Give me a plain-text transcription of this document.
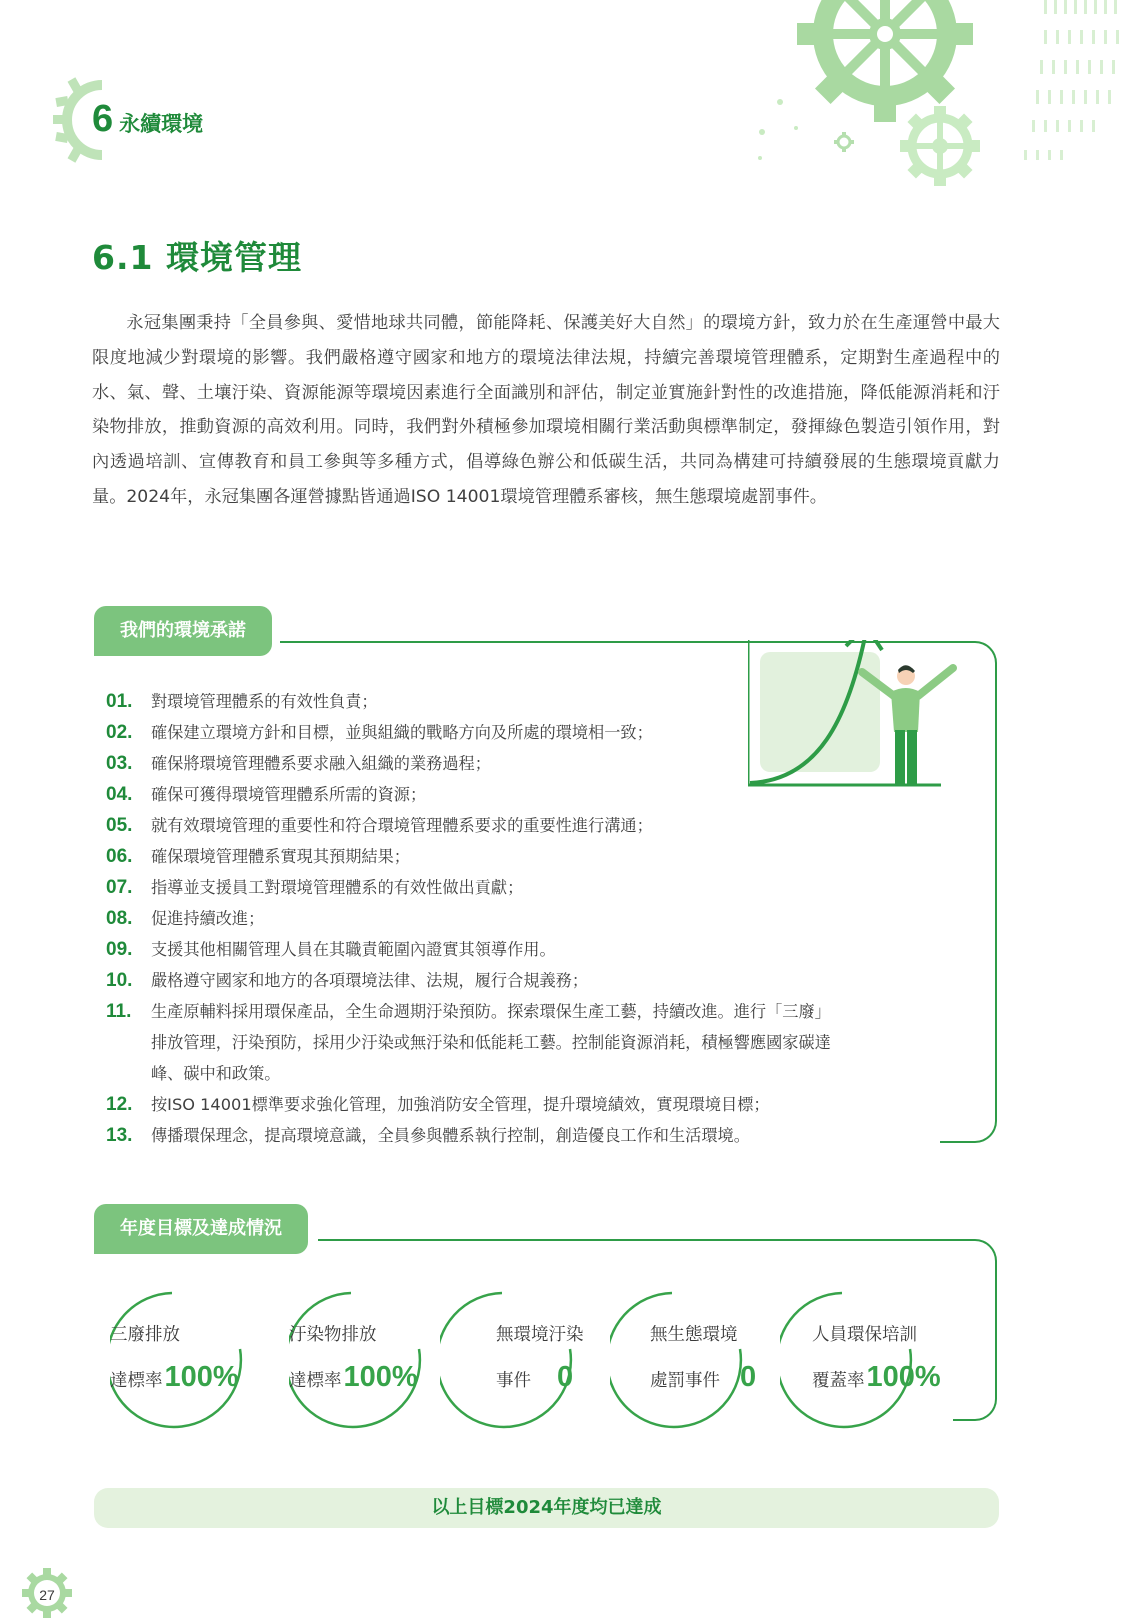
6 永續環境
6.1 環境管理

永冠集團秉持「全員參與、愛惜地球共同體，節能降耗、保護美好大自然」的環境方針，致力於在生產運營中最大限度地減少對環境的影響。我們嚴格遵守國家和地方的環境法律法規，持續完善環境管理體系，定期對生產過程中的水、氣、聲、土壤汙染、資源能源等環境因素進行全面識別和評估，制定並實施針對性的改進措施，降低能源消耗和汙染物排放，推動資源的高效利用。同時，我們對外積極參加環境相關行業活動與標準制定，發揮綠色製造引領作用，對內透過培訓、宣傳教育和員工參與等多種方式，倡導綠色辦公和低碳生活，共同為構建可持續發展的生態環境貢獻力量。2024年，永冠集團各運營據點皆通過ISO 14001環境管理體系審核，無生態環境處罰事件。

我們的環境承諾
01.	對環境管理體系的有效性負責；
02.	確保建立環境方針和目標，並與組織的戰略方向及所處的環境相一致；
03.	確保將環境管理體系要求融入組織的業務過程；
04.	確保可獲得環境管理體系所需的資源；
05.	就有效環境管理的重要性和符合環境管理體系要求的重要性進行溝通；
06.	確保環境管理體系實現其預期結果；
07.	指導並支援員工對環境管理體系的有效性做出貢獻；
08.	促進持續改進；
09.	支援其他相關管理人員在其職責範圍內證實其領導作用。
10.	嚴格遵守國家和地方的各項環境法律、法規，履行合規義務；
11.	生產原輔料採用環保產品，全生命週期汙染預防。探索環保生產工藝，持續改進。進行「三廢」排放管理，汙染預防，採用少汙染或無汙染和低能耗工藝。控制能資源消耗，積極響應國家碳達峰、碳中和政策。
12.	按ISO 14001標準要求強化管理，加強消防安全管理，提升環境績效，實現環境目標；
13.	傳播環保理念，提高環境意識，全員參與體系執行控制，創造優良工作和生活環境。
年度目標及達成情況
三廢排放
達標率100%
汙染物排放
達標率100%
無環境汙染
事件 0
無生態環境
處罰事件 0
人員環保培訓
覆蓋率100%
以上目標2024年度均已達成
27
